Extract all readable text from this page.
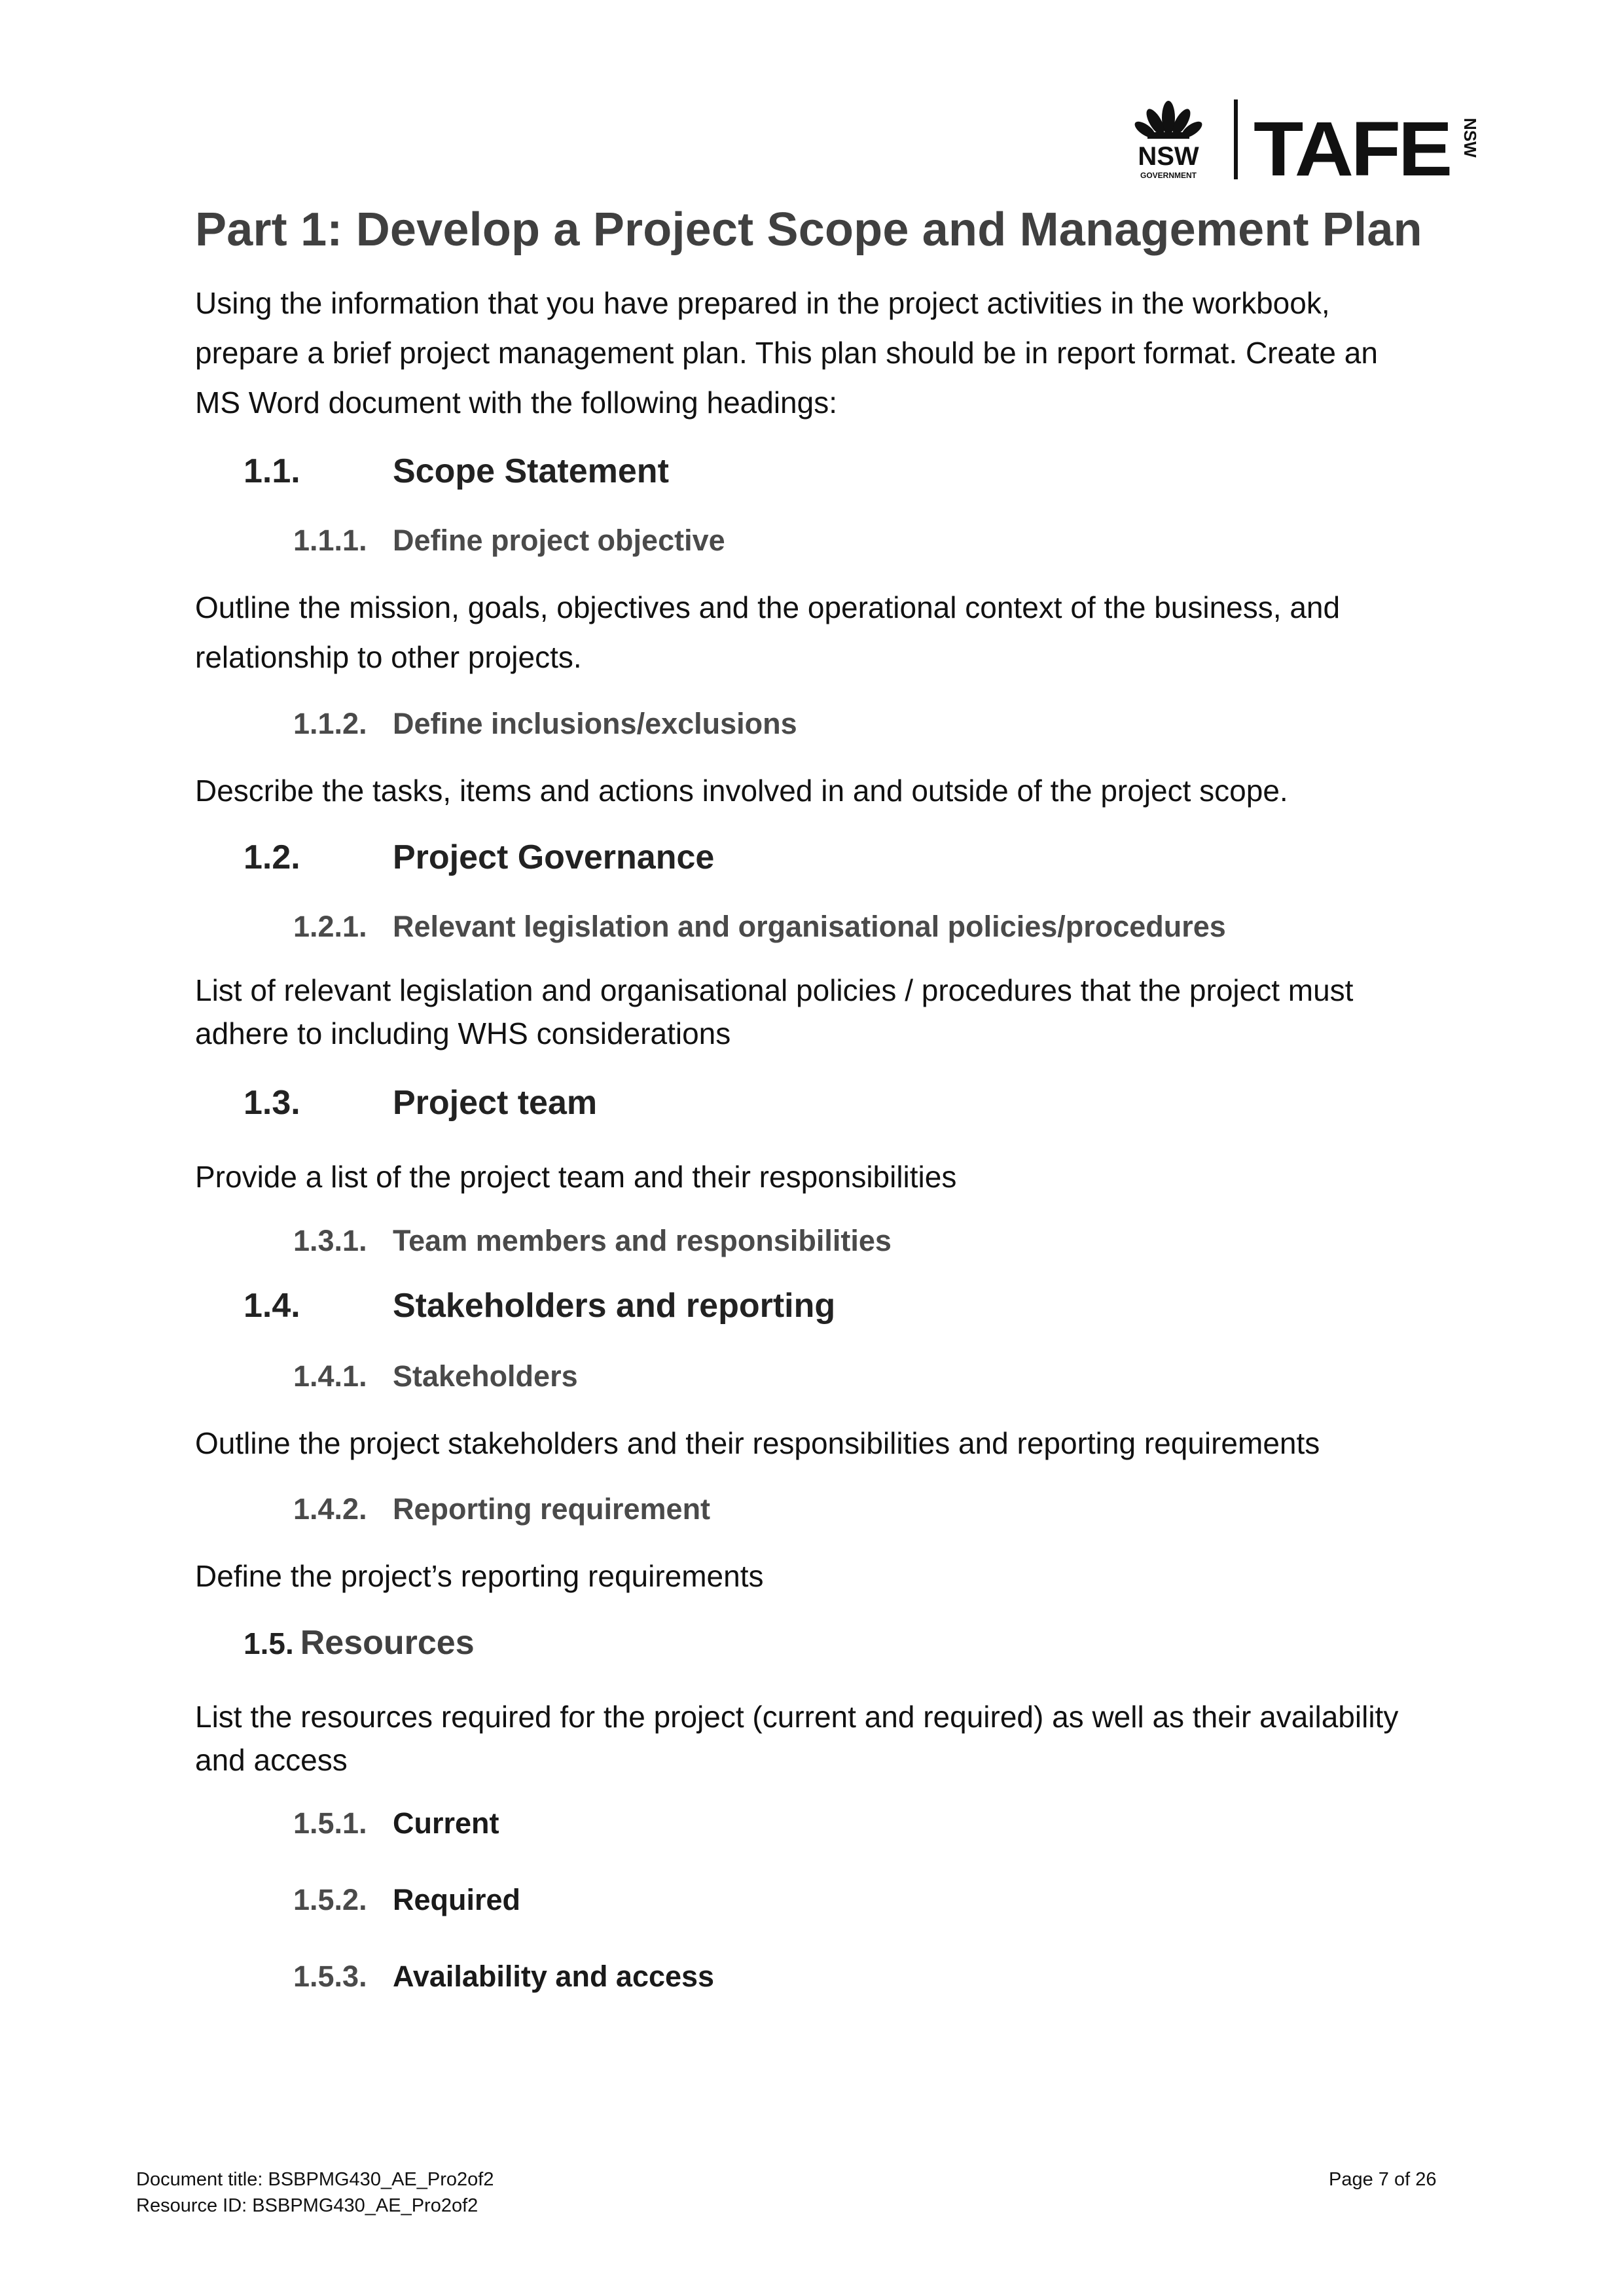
NSW
GOVERNMENT TAFE NSW
Part 1: Develop a Project Scope and Management Plan

Using the information that you have prepared in the project activities in the workbook,

prepare a brief project management plan. This plan should be in report format. Create an

MS Word document with the following headings:

1.1.	Scope Statement
1.1.1. Define project objective

Outline the mission, goals, objectives and the operational context of the business, and

relationship to other projects.

1.1.2. Define inclusions/exclusions

Describe the tasks, items and actions involved in and outside of the project scope.

1.2.	Project Governance
1.2.1. Relevant legislation and organisational policies/procedures

List of relevant legislation and organisational policies / procedures that the project must

adhere to including WHS considerations

1.3.	Project team

Provide a list of the project team and their responsibilities

1.3.1. Team members and responsibilities
1.4.	Stakeholders and reporting
1.4.1. Stakeholders

Outline the project stakeholders and their responsibilities and reporting requirements

1.4.2. Reporting requirement

Define the project’s reporting requirements

1.5. Resources

List the resources required for the project (current and required) as well as their availability

and access

1.5.1. Current
1.5.2. Required
1.5.3. Availability and access
Document title: BSBPMG430_AE_Pro2of2
Resource ID: BSBPMG430_AE_Pro2of2
Page 7 of 26
